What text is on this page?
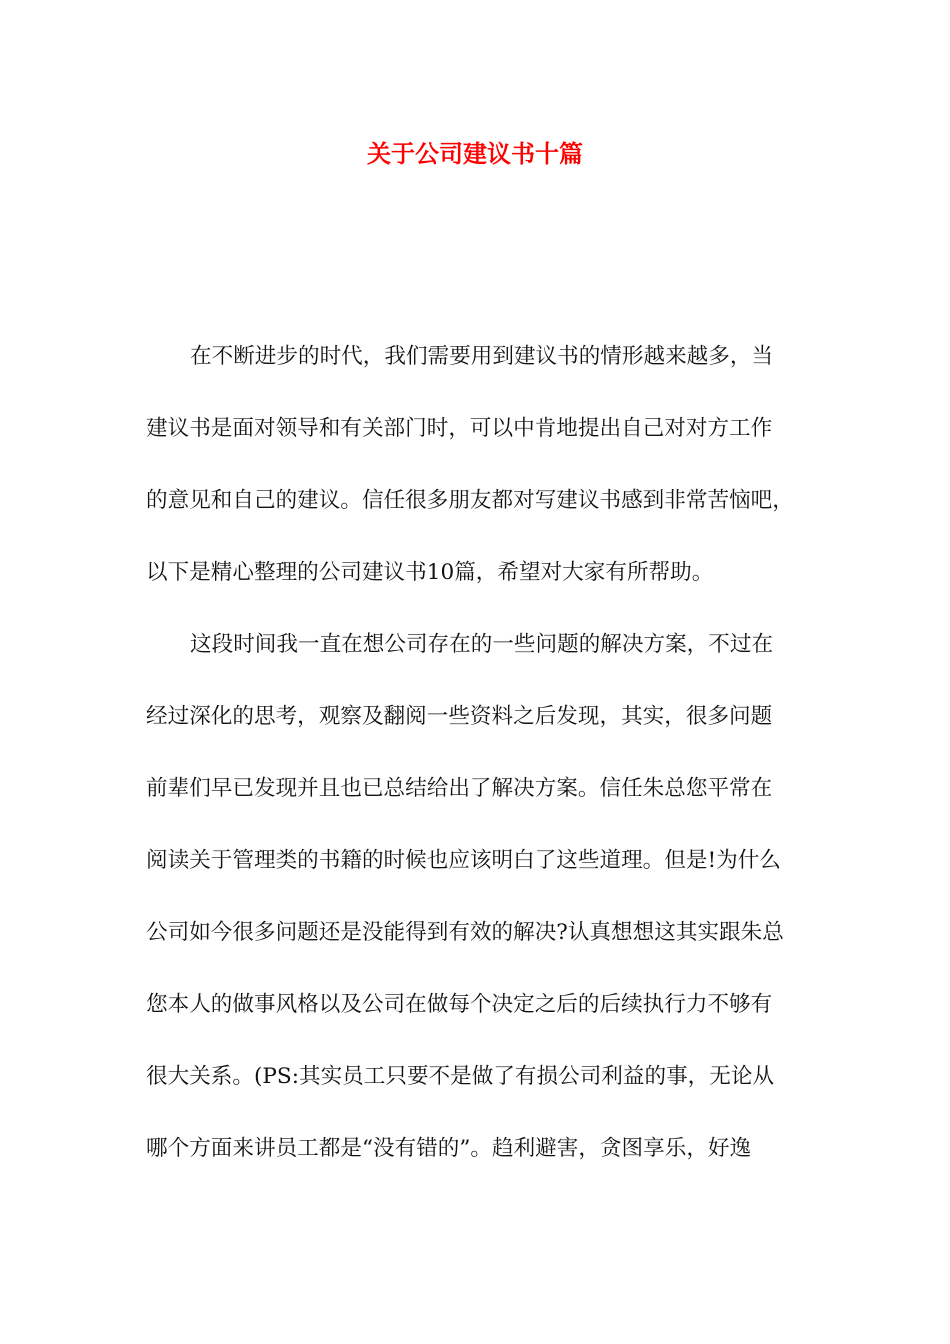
关于公司建议书十篇
在不断进步的时代，我们需要用到建议书的情形越来越多，当
建议书是面对领导和有关部门时，可以中肯地提出自己对对方工作
的意见和自己的建议。信任很多朋友都对写建议书感到非常苦恼吧，
以下是精心整理的公司建议书10篇，希望对大家有所帮助。
这段时间我一直在想公司存在的一些问题的解决方案，不过在
经过深化的思考，观察及翻阅一些资料之后发现，其实，很多问题
前辈们早已发现并且也已总结给出了解决方案。信任朱总您平常在
阅读关于管理类的书籍的时候也应该明白了这些道理。但是!为什么
公司如今很多问题还是没能得到有效的解决?认真想想这其实跟朱总
您本人的做事风格以及公司在做每个决定之后的后续执行力不够有
很大关系。(PS:其实员工只要不是做了有损公司利益的事，无论从
哪个方面来讲员工都是“没有错的”。趋利避害，贪图享乐，好逸
